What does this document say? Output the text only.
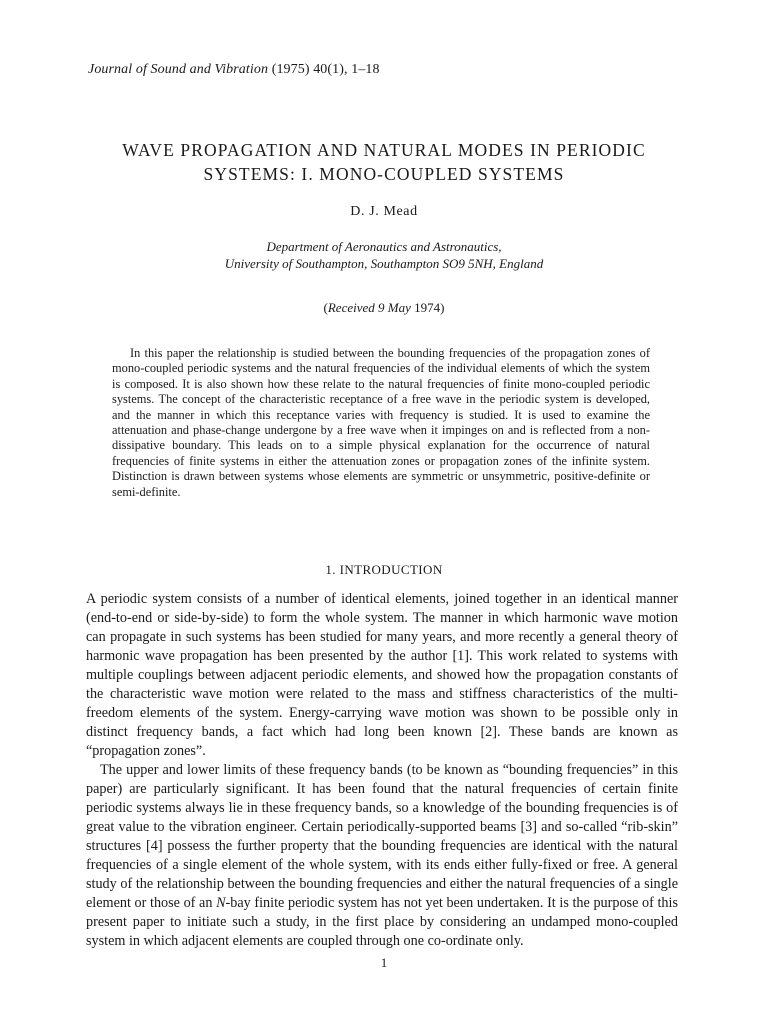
Journal of Sound and Vibration (1975) 40(1), 1–18
WAVE PROPAGATION AND NATURAL MODES IN PERIODIC
SYSTEMS: I. MONO-COUPLED SYSTEMS
D. J. Mead
Department of Aeronautics and Astronautics,
University of Southampton, Southampton SO9 5NH, England
(Received 9 May 1974)

In this paper the relationship is studied between the bounding frequencies of the propagation zones of mono-coupled periodic systems and the natural frequencies of the individual elements of which the system is composed. It is also shown how these relate to the natural frequencies of finite mono-coupled periodic systems. The concept of the characteristic receptance of a free wave in the periodic system is developed, and the manner in which this receptance varies with frequency is studied. It is used to examine the attenuation and phase-change undergone by a free wave when it impinges on and is reflected from a non-dissipative boundary. This leads on to a simple physical explanation for the occurrence of natural frequencies of finite systems in either the attenuation zones or propagation zones of the infinite system. Distinction is drawn between systems whose elements are symmetric or unsymmetric, positive-definite or semi-definite.

1. INTRODUCTION

A periodic system consists of a number of identical elements, joined together in an identical manner (end-to-end or side-by-side) to form the whole system. The manner in which harmonic wave motion can propagate in such systems has been studied for many years, and more recently a general theory of harmonic wave propagation has been presented by the author [1]. This work related to systems with multiple couplings between adjacent periodic elements, and showed how the propagation constants of the characteristic wave motion were related to the mass and stiffness characteristics of the multi-freedom elements of the system. Energy-carrying wave motion was shown to be possible only in distinct frequency bands, a fact which had long been known [2]. These bands are known as “propagation zones”.

The upper and lower limits of these frequency bands (to be known as “bounding frequencies” in this paper) are particularly significant. It has been found that the natural frequencies of certain finite periodic systems always lie in these frequency bands, so a knowledge of the bounding frequencies is of great value to the vibration engineer. Certain periodically-supported beams [3] and so-called “rib-skin” structures [4] possess the further property that the bounding frequencies are identical with the natural frequencies of a single element of the whole system, with its ends either fully-fixed or free. A general study of the relationship between the bounding frequencies and either the natural frequencies of a single element or those of an N-bay finite periodic system has not yet been undertaken. It is the purpose of this present paper to initiate such a study, in the first place by considering an undamped mono-coupled system in which adjacent elements are coupled through one co-ordinate only.

1
